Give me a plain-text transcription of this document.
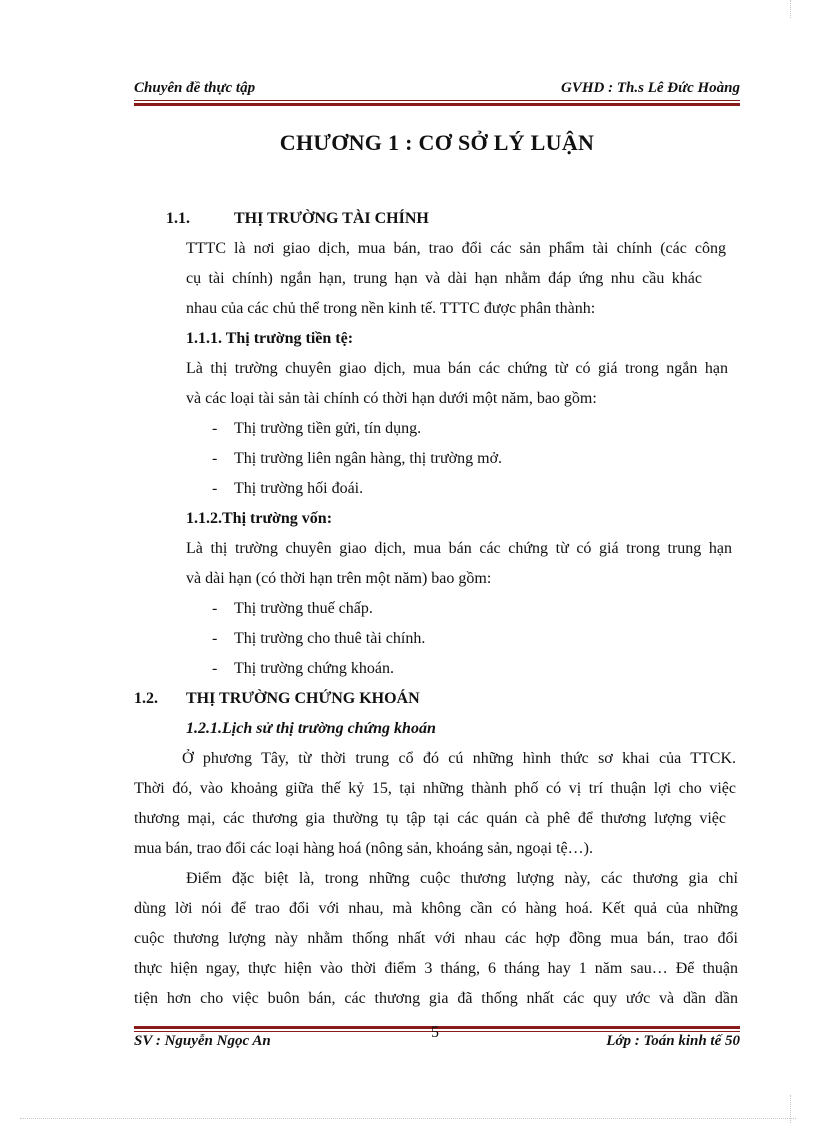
Chuyên đề thực tập	GVHD : Th.s Lê Đức Hoàng
CHƯƠNG 1 : CƠ SỞ LÝ LUẬN
1.1.	THỊ TRƯỜNG TÀI CHÍNH
TTTC là nơi giao dịch, mua bán, trao đổi các sản phẩm tài chính (các công
cụ tài chính) ngắn hạn, trung hạn và dài hạn nhằm đáp ứng nhu cầu khác
nhau của các chủ thể trong nền kinh tế. TTTC được phân thành:
1.1.1. Thị trường tiền tệ:
Là thị trường chuyên giao dịch, mua bán các chứng từ có giá trong ngắn hạn
và các loại tài sản tài chính có thời hạn dưới một năm, bao gồm:
- Thị trường tiền gửi, tín dụng.
- Thị trường liên ngân hàng, thị trường mở.
- Thị trường hối đoái.
1.1.2.Thị trường vốn:
Là thị trường chuyên giao dịch, mua bán các chứng từ có giá trong trung hạn
và dài hạn (có thời hạn trên một năm) bao gồm:
- Thị trường thuế chấp.
- Thị trường cho thuê tài chính.
- Thị trường chứng khoán.
1.2. THỊ TRƯỜNG CHỨNG KHOÁN
1.2.1.Lịch sử thị trường chứng khoán
Ở phương Tây, từ thời trung cổ đó cú những hình thức sơ khai của TTCK.
Thời đó, vào khoảng giữa thế kỷ 15, tại những thành phố có vị trí thuận lợi cho việc
thương mại, các thương gia thường tụ tập tại các quán cà phê để thương lượng việc
mua bán, trao đổi các loại hàng hoá (nông sản, khoáng sản, ngoại tệ…).
Điểm đặc biệt là, trong những cuộc thương lượng này, các thương gia chỉ
dùng lời nói để trao đổi với nhau, mà không cần có hàng hoá. Kết quả của những
cuộc thương lượng này nhằm thống nhất với nhau các hợp đồng mua bán, trao đổi
thực hiện ngay, thực hiện vào thời điểm 3 tháng, 6 tháng hay 1 năm sau… Để thuận
tiện hơn cho việc buôn bán, các thương gia đã thống nhất các quy ước và dần dần
5
SV : Nguyễn Ngọc An	Lớp : Toán kinh tế 50
